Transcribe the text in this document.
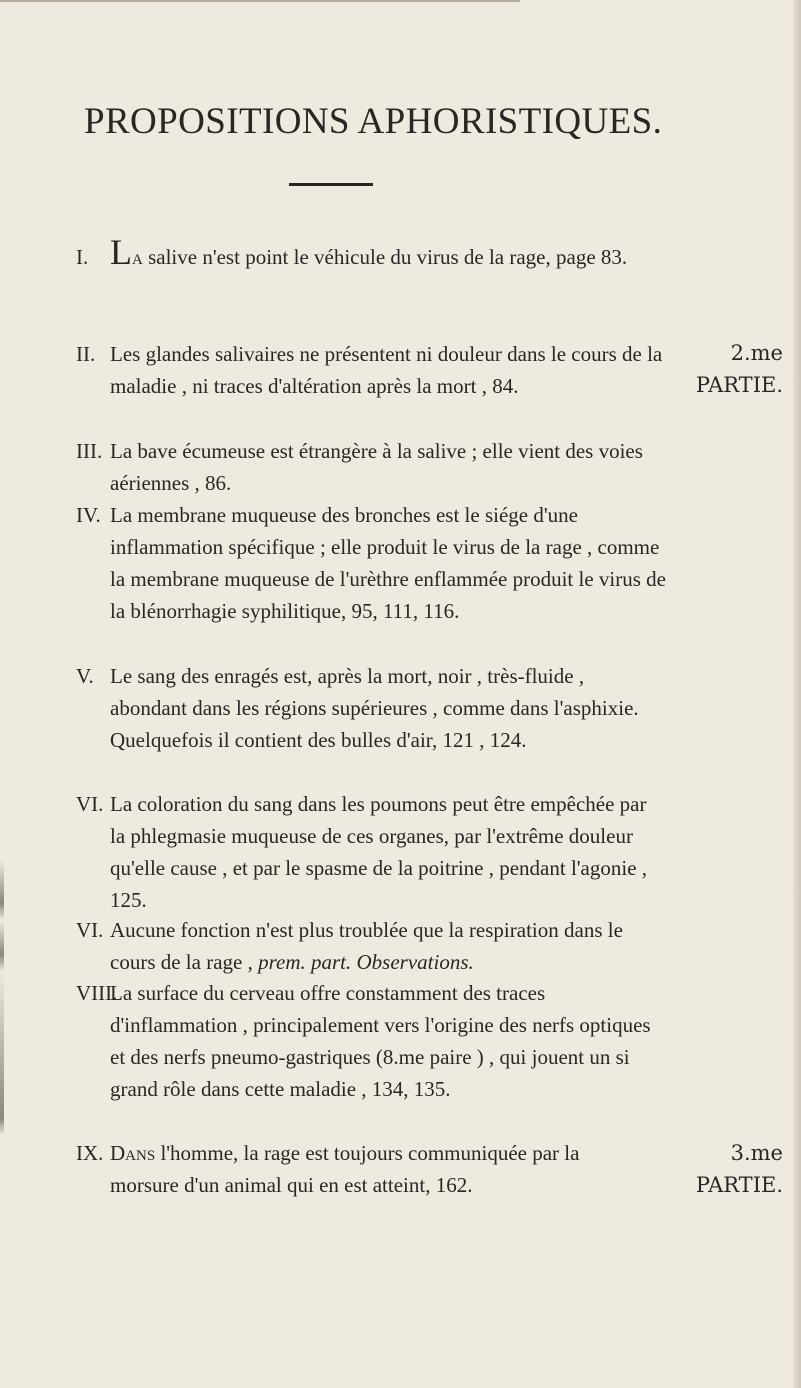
PROPOSITIONS APHORISTIQUES.
I. La salive n'est point le véhicule du virus de la rage, page 83.
II. Les glandes salivaires ne présentent ni douleur dans le cours de la maladie , ni traces d'altération après la mort , 84.
III. La bave écumeuse est étrangère à la salive ; elle vient des voies aériennes , 86.
IV. La membrane muqueuse des bronches est le siége d'une inflammation spécifique ; elle produit le virus de la rage , comme la membrane muqueuse de l'urèthre enflammée produit le virus de la blénorrhagie syphilitique, 95, 111, 116.
V. Le sang des enragés est, après la mort, noir , très-fluide , abondant dans les régions supérieures , comme dans l'asphixie. Quelquefois il contient des bulles d'air, 121 , 124.
VI. La coloration du sang dans les poumons peut être empêchée par la phlegmasie muqueuse de ces organes, par l'extrême douleur qu'elle cause , et par le spasme de la poitrine , pendant l'agonie , 125.
VI. Aucune fonction n'est plus troublée que la respiration dans le cours de la rage , prem. part. Observations.
VIII.
La surface du cerveau offre constamment des traces d'inflammation , principalement vers l'origine des nerfs optiques et des nerfs pneumo-gastriques (8.me paire ) , qui jouent un si grand rôle dans cette maladie , 134, 135.
IX. Dans l'homme, la rage est toujours communiquée par la morsure d'un animal qui en est atteint, 162.
2.me
PARTIE.
3.me
PARTIE.
